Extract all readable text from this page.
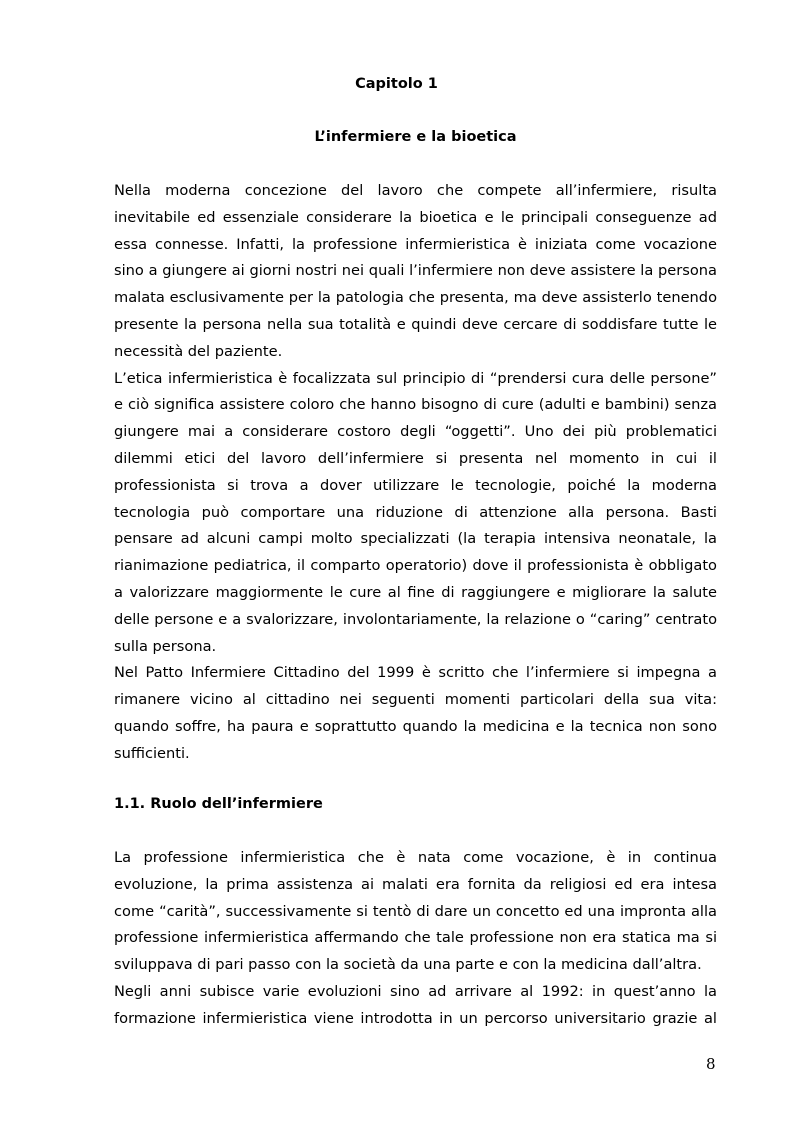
Capitolo 1
L’infermiere e la bioetica

Nella moderna concezione del lavoro che compete all’infermiere, risulta inevitabile ed essenziale considerare la bioetica e le principali conseguenze ad essa connesse. Infatti, la professione infermieristica è iniziata come vocazione sino a giungere ai giorni nostri nei quali l’infermiere non deve assistere la persona malata esclusivamente per la patologia che presenta, ma deve assisterlo tenendo presente la persona nella sua totalità e quindi deve cercare di soddisfare tutte le necessità del paziente.

L’etica infermieristica è focalizzata sul principio di “prendersi cura delle persone” e ciò significa assistere coloro che hanno bisogno di cure (adulti e bambini) senza giungere mai a considerare costoro degli “oggetti”. Uno dei più problematici dilemmi etici del lavoro dell’infermiere si presenta nel momento in cui il professionista si trova a dover utilizzare le tecnologie, poiché la moderna tecnologia può comportare una riduzione di attenzione alla persona. Basti pensare ad alcuni campi molto specializzati (la terapia intensiva neonatale, la rianimazione pediatrica, il comparto operatorio) dove il professionista è obbligato a valorizzare maggiormente le cure al fine di raggiungere e migliorare la salute delle persone e a svalorizzare, involontariamente, la relazione o “caring” centrato sulla persona.

Nel Patto Infermiere Cittadino del 1999 è scritto che l’infermiere si impegna a rimanere vicino al cittadino nei seguenti momenti particolari della sua vita: quando soffre, ha paura e soprattutto quando la medicina e la tecnica non sono sufficienti.

1.1. Ruolo dell’infermiere

La professione infermieristica che è nata come vocazione, è in continua evoluzione, la prima assistenza ai malati era fornita da religiosi ed era intesa come “carità”, successivamente si tentò di dare un concetto ed una impronta alla professione infermieristica affermando che tale professione non era statica ma si sviluppava di pari passo con la società da una parte e con la medicina dall’altra.

Negli anni subisce varie evoluzioni sino ad arrivare al 1992: in quest’anno la formazione infermieristica viene introdotta in un percorso universitario grazie al

8
